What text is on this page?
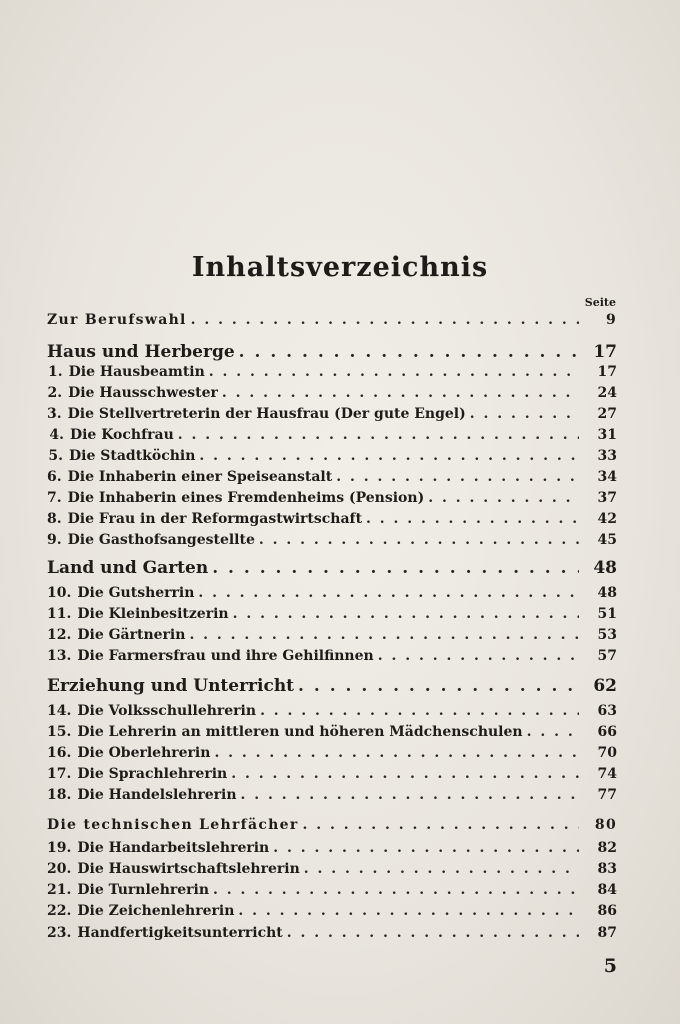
Inhaltsverzeichnis
Seite
Zur Berufswahl . . .	9
Haus und Herberge . . .	17
1. Die Hausbeamtin . . .	17
2. Die Hausschwester . . .	24
3. Die Stellvertreterin der Hausfrau (Der gute Engel) . . .	27
4. Die Kochfrau . . .	31
5. Die Stadtköchin . . .	33
6. Die Inhaberin einer Speiseanstalt . . .	34
7. Die Inhaberin eines Fremdenheims (Pension) . . .	37
8. Die Frau in der Reformgastwirtschaft . . .	42
9. Die Gasthofsangestellte . . .	45
Land und Garten . . .	48
10. Die Gutsherrin . . .	48
11. Die Kleinbesitzerin . . .	51
12. Die Gärtnerin . . .	53
13. Die Farmersfrau und ihre Gehilfinnen . . .	57
Erziehung und Unterricht . . .	62
14. Die Volksschullehrerin . . .	63
15. Die Lehrerin an mittleren und höheren Mädchenschulen . . .	66
16. Die Oberlehrerin . . .	70
17. Die Sprachlehrerin . . .	74
18. Die Handelslehrerin . . .	77
Die technischen Lehrfächer . . .	80
19. Die Handarbeitslehrerin . . .	82
20. Die Hauswirtschaftslehrerin . . .	83
21. Die Turnlehrerin . . .	84
22. Die Zeichenlehrerin . . .	86
23. Handfertigkeitsunterricht . . .	87
5
